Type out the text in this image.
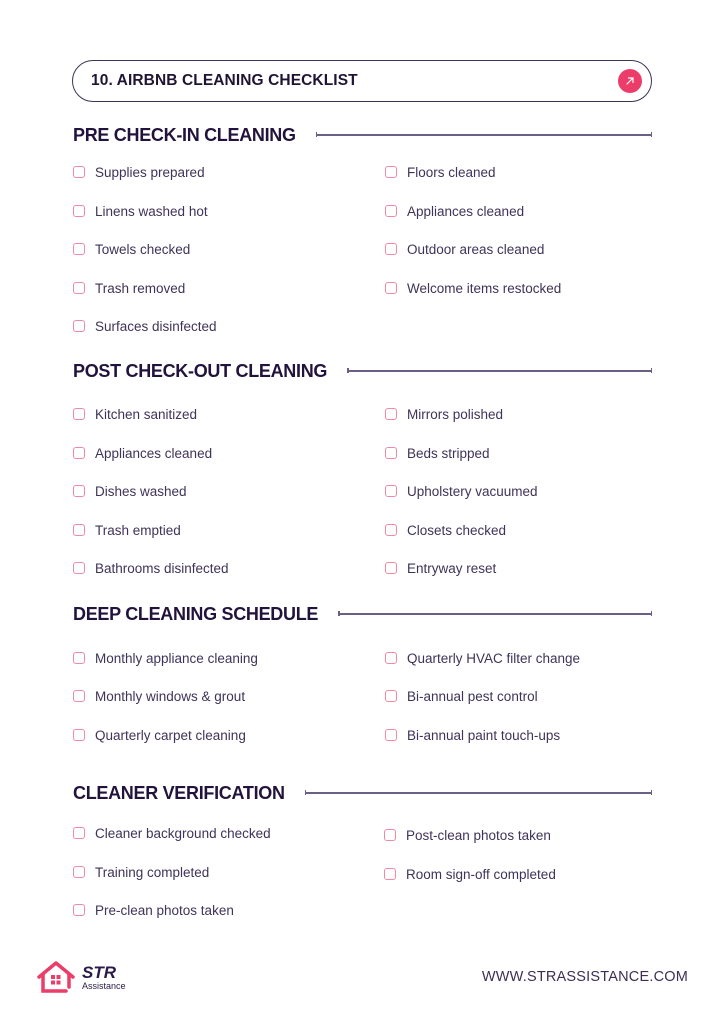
10. AIRBNB CLEANING CHECKLIST
PRE CHECK-IN CLEANING
Supplies prepared
Linens washed hot
Towels checked
Trash removed
Surfaces disinfected
Floors cleaned
Appliances cleaned
Outdoor areas cleaned
Welcome items restocked
POST CHECK-OUT CLEANING
Kitchen sanitized
Appliances cleaned
Dishes washed
Trash emptied
Bathrooms disinfected
Mirrors polished
Beds stripped
Upholstery vacuumed
Closets checked
Entryway reset
DEEP CLEANING SCHEDULE
Monthly appliance cleaning
Monthly windows & grout
Quarterly carpet cleaning
Quarterly HVAC filter change
Bi-annual pest control
Bi-annual paint touch-ups
CLEANER VERIFICATION
Cleaner background checked
Training completed
Pre-clean photos taken
Post-clean photos taken
Room sign-off completed
STR
Assistance
WWW.STRASSISTANCE.COM
